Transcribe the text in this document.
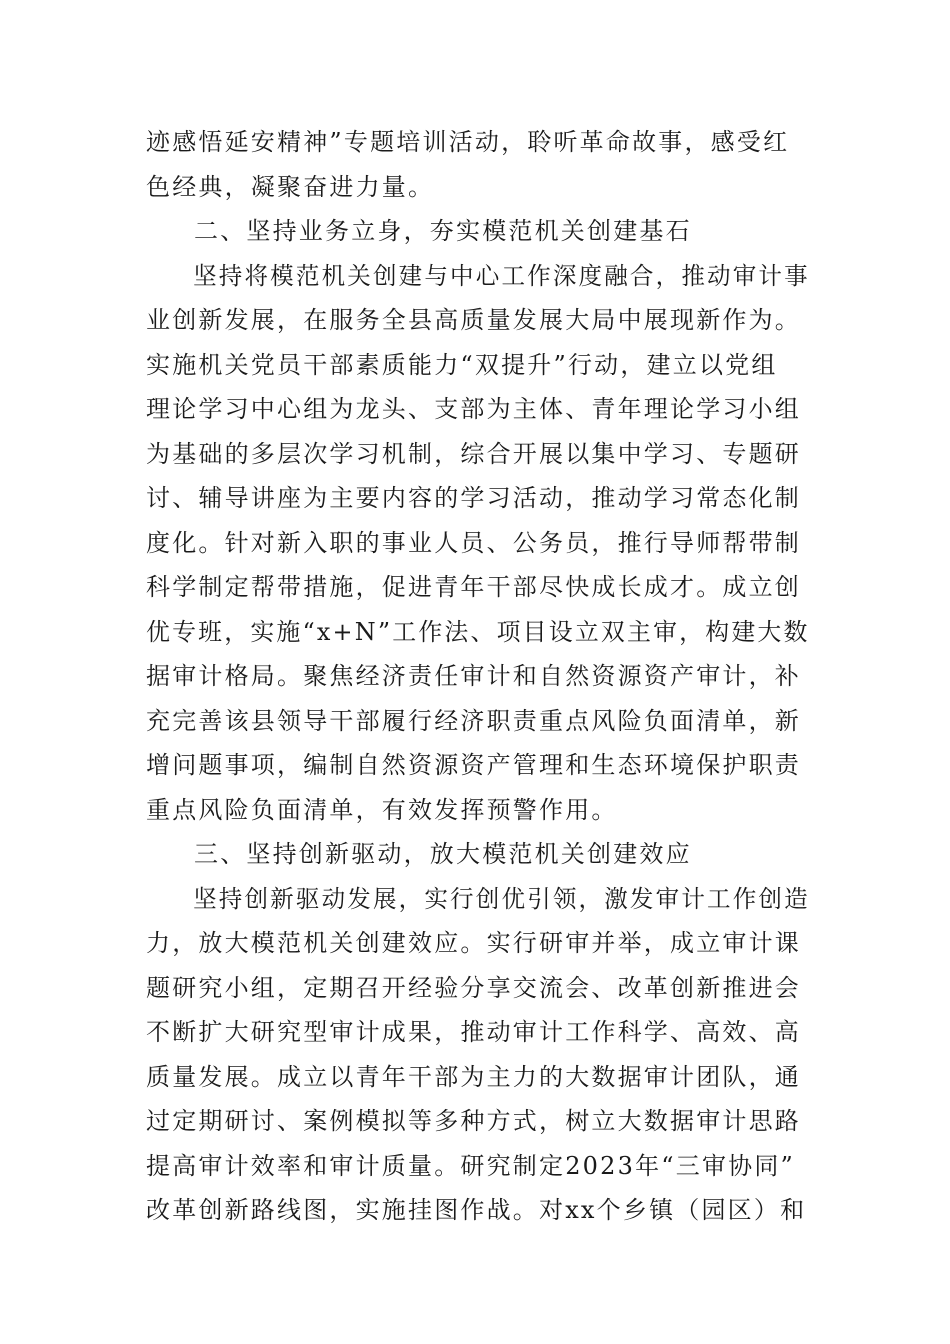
迹感悟延安精神”专题培训活动，聆听革命故事，感受红
色经典，凝聚奋进力量。
二、坚持业务立身，夯实模范机关创建基石
坚持将模范机关创建与中心工作深度融合，推动审计事
业创新发展，在服务全县高质量发展大局中展现新作为。
实施机关党员干部素质能力“双提升”行动，建立以党组
理论学习中心组为龙头、支部为主体、青年理论学习小组
为基础的多层次学习机制，综合开展以集中学习、专题研
讨、辅导讲座为主要内容的学习活动，推动学习常态化制
度化。针对新入职的事业人员、公务员，推行导师帮带制
科学制定帮带措施，促进青年干部尽快成长成才。成立创
优专班，实施“x+N”工作法、项目设立双主审，构建大数
据审计格局。聚焦经济责任审计和自然资源资产审计，补
充完善该县领导干部履行经济职责重点风险负面清单，新
增问题事项，编制自然资源资产管理和生态环境保护职责
重点风险负面清单，有效发挥预警作用。
三、坚持创新驱动，放大模范机关创建效应
坚持创新驱动发展，实行创优引领，激发审计工作创造
力，放大模范机关创建效应。实行研审并举，成立审计课
题研究小组，定期召开经验分享交流会、改革创新推进会
不断扩大研究型审计成果，推动审计工作科学、高效、高
质量发展。成立以青年干部为主力的大数据审计团队，通
过定期研讨、案例模拟等多种方式，树立大数据审计思路
提高审计效率和审计质量。研究制定2023年“三审协同”
改革创新路线图，实施挂图作战。对xx个乡镇（园区）和
